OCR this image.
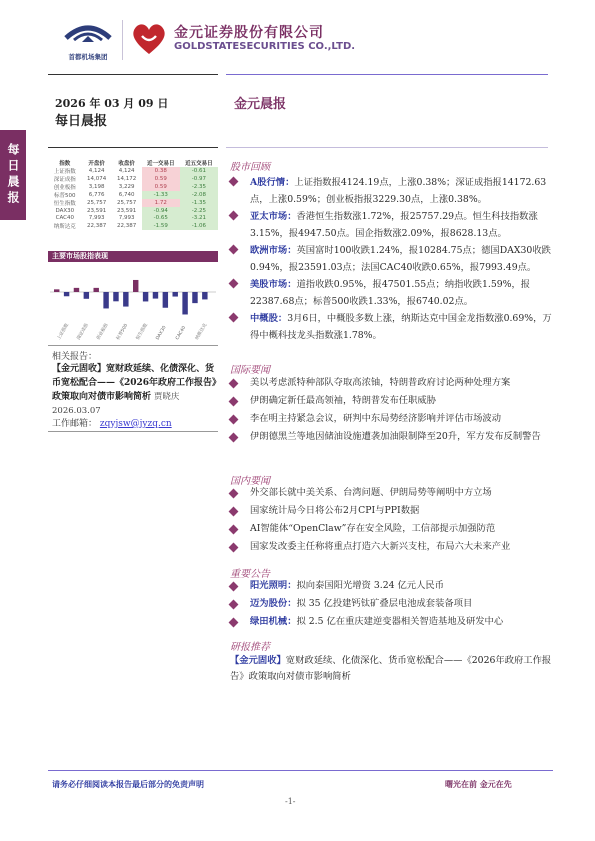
首都机场集团
金元证券股份有限公司
GOLDSTATESECURITIES CO.,LTD.
每日晨报
2026 年 03 月 09 日
每日晨报
指数	开盘价	收盘价	近一交易日	近五交易日
上证指数	4,124	4,124	0.38	-0.61
深证成指	14,074	14,172	0.59	-0.97
创业板指	3,198	3,229	0.59	-2.35
标普500	6,776	6,740	-1.33	-2.08
恒生指数	25,757	25,757	1.72	-1.35
DAX30	23,591	23,591	-0.94	-2.25
CAC40	7,993	7,993	-0.65	-3.21
纳斯达克	22,387	22,387	-1.59	-1.06
主要市场股指表现
上证指数	深证成指	创业板指	标普500	恒生指数 DAX30 CAC40	纳斯达克
相关报告：
【金元固收】宽财政延续、化债深化、货币宽松配合——《2026年政府工作报告》政策取向对债市影响简析 贾晓庆 2026.03.07
工作邮箱： zqyjsw@jyzq.cn
金元晨报
股市回顾
A股行情：上证指数报4124.19点，上涨0.38%；深证成指报14172.63点，上涨0.59%；创业板指报3229.30点，上涨0.38%。
亚太市场：香港恒生指数涨1.72%，报25757.29点。恒生科技指数涨3.15%，报4947.50点。国企指数涨2.09%，报8628.13点。
欧洲市场：英国富时100收跌1.24%，报10284.75点；德国DAX30收跌0.94%，报23591.03点；法国CAC40收跌0.65%，报7993.49点。
美股市场：道指收跌0.95%，报47501.55点；纳指收跌1.59%，报22387.68点；标普500收跌1.33%，报6740.02点。
中概股：3月6日，中概股多数上涨，纳斯达克中国金龙指数涨0.69%，万得中概科技龙头指数涨1.78%。
国际要闻
美以考虑派特种部队夺取高浓铀，特朗普政府讨论两种处理方案
伊朗确定新任最高领袖，特朗普发布任职威胁
李在明主持紧急会议，研判中东局势经济影响并评估市场波动
伊朗德黑兰等地因储油设施遭袭加油限制降至20升，军方发布反制警告
国内要闻
外交部长就中美关系、台湾问题、伊朗局势等阐明中方立场
国家统计局今日将公布2月CPI与PPI数据
AI智能体“OpenClaw”存在安全风险，工信部提示加强防范
国家发改委主任称将重点打造六大新兴支柱，布局六大未来产业
重要公告
阳光照明：拟向泰国阳光增资 3.24 亿元人民币
迈为股份：拟 35 亿投建钙钛矿叠层电池成套装备项目
绿田机械：拟 2.5 亿在重庆建逆变器相关智造基地及研发中心
研报推荐
【金元固收】宽财政延续、化债深化、货币宽松配合——《2026年政府工作报告》政策取向对债市影响简析
请务必仔细阅读本报告最后部分的免责声明	曙光在前 金元在先
-1-
